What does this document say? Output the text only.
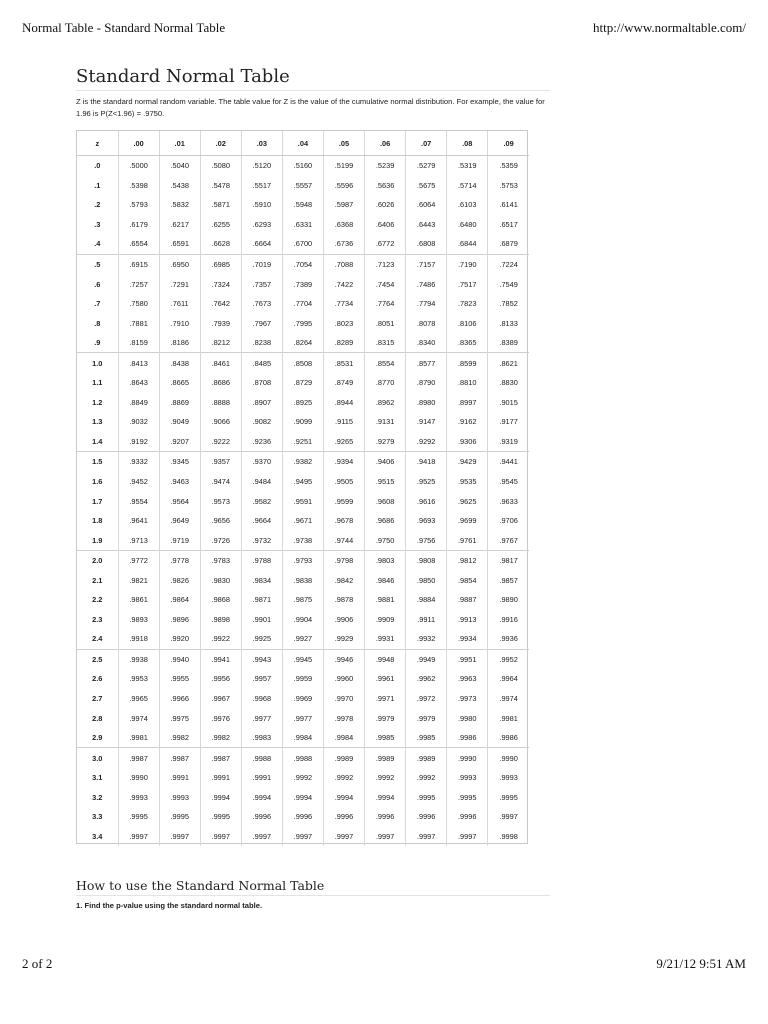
Normal Table - Standard Normal Table	http://www.normaltable.com/
Standard Normal Table

Z is the standard normal random variable. The table value for Z is the value of the cumulative normal distribution. For example, the value for 1.96 is P(Z<1.96) = .9750.

z	.00	.01	.02	.03	.04	.05	.06	.07	.08	.09
.0	.5000	.5040	.5080	.5120	.5160	.5199	.5239	.5279	.5319	.5359
.1	.5398	.5438	.5478	.5517	.5557	.5596	.5636	.5675	.5714	.5753
.2	.5793	.5832	.5871	.5910	.5948	.5987	.6026	.6064	.6103	.6141
.3	.6179	.6217	.6255	.6293	.6331	.6368	.6406	.6443	.6480	.6517
.4	.6554	.6591	.6628	.6664	.6700	.6736	.6772	.6808	.6844	.6879
.5	.6915	.6950	.6985	.7019	.7054	.7088	.7123	.7157	.7190	.7224
.6	.7257	.7291	.7324	.7357	.7389	.7422	.7454	.7486	.7517	.7549
.7	.7580	.7611	.7642	.7673	.7704	.7734	.7764	.7794	.7823	.7852
.8	.7881	.7910	.7939	.7967	.7995	.8023	.8051	.8078	.8106	.8133
.9	.8159	.8186	.8212	.8238	.8264	.8289	.8315	.8340	.8365	.8389
1.0	.8413	.8438	.8461	.8485	.8508	.8531	.8554	.8577	.8599	.8621
1.1	.8643	.8665	.8686	.8708	.8729	.8749	.8770	.8790	.8810	.8830
1.2	.8849	.8869	.8888	.8907	.8925	.8944	.8962	.8980	.8997	.9015
1.3	.9032	.9049	.9066	.9082	.9099	.9115	.9131	.9147	.9162	.9177
1.4	.9192	.9207	.9222	.9236	.9251	.9265	.9279	.9292	.9306	.9319
1.5	.9332	.9345	.9357	.9370	.9382	.9394	.9406	.9418	.9429	.9441
1.6	.9452	.9463	.9474	.9484	.9495	.9505	.9515	.9525	.9535	.9545
1.7	.9554	.9564	.9573	.9582	.9591	.9599	.9608	.9616	.9625	.9633
1.8	.9641	.9649	.9656	.9664	.9671	.9678	.9686	.9693	.9699	.9706
1.9	.9713	.9719	.9726	.9732	.9738	.9744	.9750	.9756	.9761	.9767
2.0	.9772	.9778	.9783	.9788	.9793	.9798	.9803	.9808	.9812	.9817
2.1	.9821	.9826	.9830	.9834	.9838	.9842	.9846	.9850	.9854	.9857
2.2	.9861	.9864	.9868	.9871	.9875	.9878	.9881	.9884	.9887	.9890
2.3	.9893	.9896	.9898	.9901	.9904	.9906	.9909	.9911	.9913	.9916
2.4	.9918	.9920	.9922	.9925	.9927	.9929	.9931	.9932	.9934	.9936
2.5	.9938	.9940	.9941	.9943	.9945	.9946	.9948	.9949	.9951	.9952
2.6	.9953	.9955	.9956	.9957	.9959	.9960	.9961	.9962	.9963	.9964
2.7	.9965	.9966	.9967	.9968	.9969	.9970	.9971	.9972	.9973	.9974
2.8	.9974	.9975	.9976	.9977	.9977	.9978	.9979	.9979	.9980	.9981
2.9	.9981	.9982	.9982	.9983	.9984	.9984	.9985	.9985	.9986	.9986
3.0	.9987	.9987	.9987	.9988	.9988	.9989	.9989	.9989	.9990	.9990
3.1	.9990	.9991	.9991	.9991	.9992	.9992	.9992	.9992	.9993	.9993
3.2	.9993	.9993	.9994	.9994	.9994	.9994	.9994	.9995	.9995	.9995
3.3	.9995	.9995	.9995	.9996	.9996	.9996	.9996	.9996	.9996	.9997
3.4	.9997	.9997	.9997	.9997	.9997	.9997	.9997	.9997	.9997	.9998
How to use the Standard Normal Table
1. Find the p-value using the standard normal table.
2 of 2	9/21/12 9:51 AM
